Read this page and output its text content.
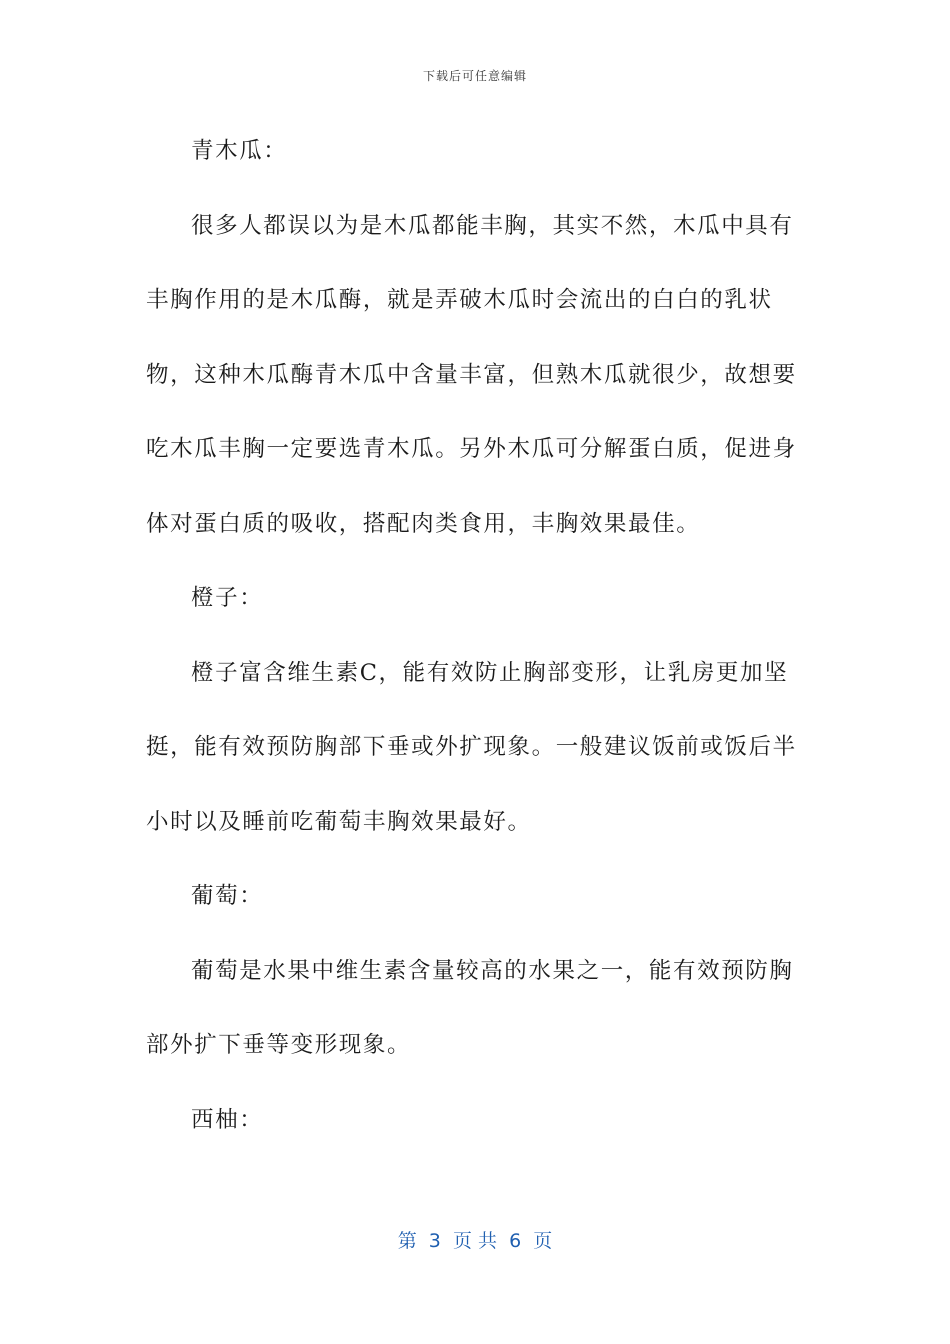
下载后可任意编辑

青木瓜：

很多人都误以为是木瓜都能丰胸，其实不然，木瓜中具有丰胸作用的是木瓜酶，就是弄破木瓜时会流出的白白的乳状物，这种木瓜酶青木瓜中含量丰富，但熟木瓜就很少，故想要吃木瓜丰胸一定要选青木瓜。另外木瓜可分解蛋白质，促进身体对蛋白质的吸收，搭配肉类食用，丰胸效果最佳。

橙子：

橙子富含维生素C，能有效防止胸部变形，让乳房更加坚挺，能有效预防胸部下垂或外扩现象。一般建议饭前或饭后半小时以及睡前吃葡萄丰胸效果最好。

葡萄：

葡萄是水果中维生素含量较高的水果之一，能有效预防胸部外扩下垂等变形现象。

西柚：

第  3  页 共  6  页
